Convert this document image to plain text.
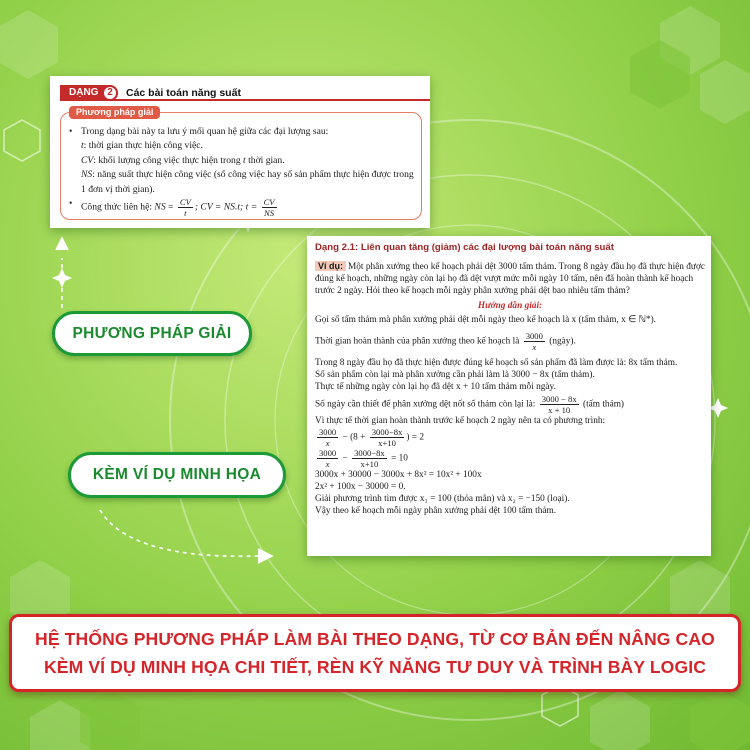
DẠNG 2	Các bài toán năng suất
Phương pháp giải
• Trong dạng bài này ta lưu ý mối quan hệ giữa các đại lượng sau:
t: thời gian thực hiện công việc.
CV: khối lượng công việc thực hiện trong t thời gian.
NS: năng suất thực hiện công việc (số công việc hay số sản phẩm thực hiện được trong 1 đơn vị thời gian).
• Công thức liên hệ: NS = $\frac{CV}{t}$ ; CV = NS.t; $t = \frac{CV}{NS}$
Dạng 2.1: Liên quan tăng (giảm) các đại lượng bài toán năng suất

Ví dụ: Một phân xưởng theo kế hoạch phải dệt 3000 tấm thảm. Trong 8 ngày đầu họ đã thực hiện được đúng kế hoạch, những ngày còn lại họ đã dệt vượt mức mỗi ngày 10 tấm, nên đã hoàn thành kế hoạch trước 2 ngày. Hỏi theo kế hoạch mỗi ngày phân xưởng phải dệt bao nhiêu tấm thảm?

Hướng dẫn giải:

Gọi số tấm thảm mà phân xưởng phải dệt mỗi ngày theo kế hoạch là x (tấm thảm, x ∈ ℕ*).

Thời gian hoàn thành của phân xưởng theo kế hoạch là $\frac{3000}{x}$ (ngày).

Trong 8 ngày đầu họ đã thực hiện được đúng kế hoạch số sản phẩm đã làm được là: 8x tấm thảm.

Số sản phẩm còn lại mà phân xưởng cần phải làm là 3000 − 8x (tấm thảm).

Thực tế những ngày còn lại họ đã dệt x + 10 tấm thảm mỗi ngày.

Số ngày cần thiết để phân xưởng dệt nốt số thảm còn lại là: $\frac{3000 - 8x}{x + 10}$ (tấm thảm)

Vì thực tế thời gian hoàn thành trước kế hoạch 2 ngày nên ta có phương trình:

$\frac{3000}{x} - (8 + \frac{3000-8x}{x+10}$ ) = 2

$\frac{3000}{x} - \frac{3000-8x}{x+10} = 10$

3000x + 30000 − 3000x + 8x² = 10x² + 100x

2x² + 100x − 30000 = 0.

Giải phương trình tìm được x₁ = 100 (thỏa mãn) và x₂ = −150 (loại).

Vậy theo kế hoạch mỗi ngày phân xưởng phải dệt 100 tấm thảm.

PHƯƠNG PHÁP GIẢI
KÈM VÍ DỤ MINH HỌA
HỆ THỐNG PHƯƠNG PHÁP LÀM BÀI THEO DẠNG, TỪ CƠ BẢN ĐẾN NÂNG CAO
KÈM VÍ DỤ MINH HỌA CHI TIẾT, RÈN KỸ NĂNG TƯ DUY VÀ TRÌNH BÀY LOGIC
